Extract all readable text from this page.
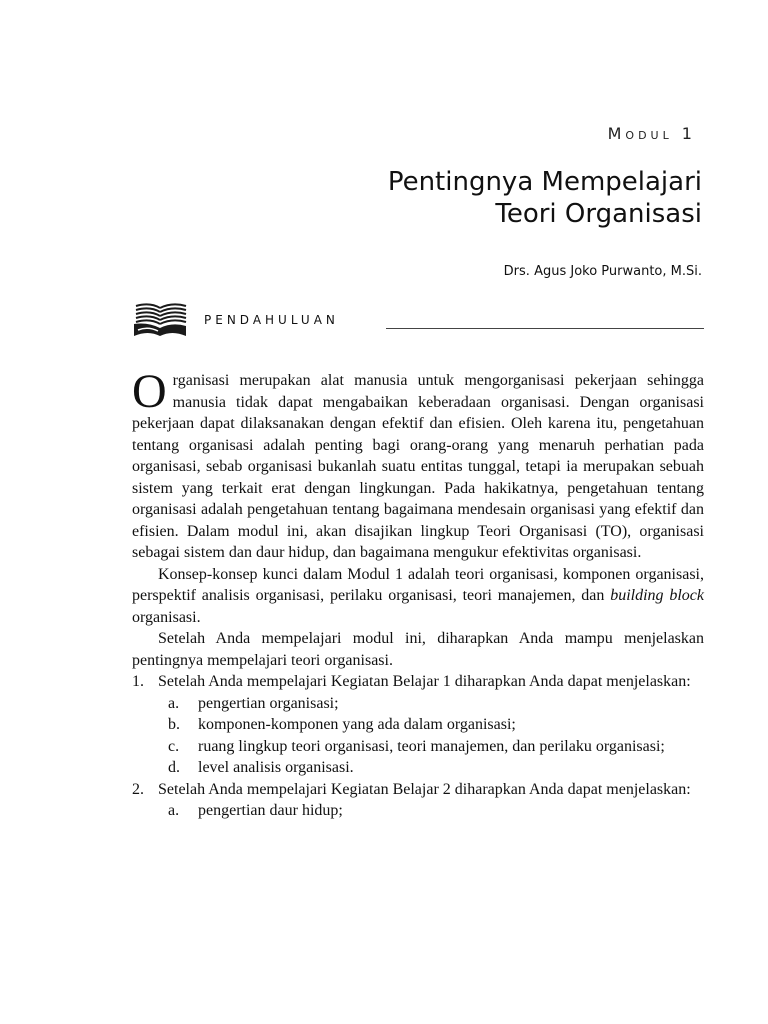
Modul 1
Pentingnya Mempelajari
Teori Organisasi
Drs. Agus Joko Purwanto, M.Si.
PENDAHULUAN

Organisasi merupakan alat manusia untuk mengorganisasi pekerjaan sehingga manusia tidak dapat mengabaikan keberadaan organisasi. Dengan organisasi pekerjaan dapat dilaksanakan dengan efektif dan efisien. Oleh karena itu, pengetahuan tentang organisasi adalah penting bagi orang-orang yang menaruh perhatian pada organisasi, sebab organisasi bukanlah suatu entitas tunggal, tetapi ia merupakan sebuah sistem yang terkait erat dengan lingkungan. Pada hakikatnya, pengetahuan tentang organisasi adalah pengetahuan tentang bagaimana mendesain organisasi yang efektif dan efisien. Dalam modul ini, akan disajikan lingkup Teori Organisasi (TO), organisasi sebagai sistem dan daur hidup, dan bagaimana mengukur efektivitas organisasi.

Konsep-konsep kunci dalam Modul 1 adalah teori organisasi, komponen organisasi, perspektif analisis organisasi, perilaku organisasi, teori manajemen, dan building block organisasi.

Setelah Anda mempelajari modul ini, diharapkan Anda mampu menjelaskan pentingnya mempelajari teori organisasi.

1. Setelah Anda mempelajari Kegiatan Belajar 1 diharapkan Anda dapat menjelaskan:
a. pengertian organisasi;
b. komponen-komponen yang ada dalam organisasi;
c. ruang lingkup teori organisasi, teori manajemen, dan perilaku organisasi;
d. level analisis organisasi.
2. Setelah Anda mempelajari Kegiatan Belajar 2 diharapkan Anda dapat menjelaskan:
a. pengertian daur hidup;
